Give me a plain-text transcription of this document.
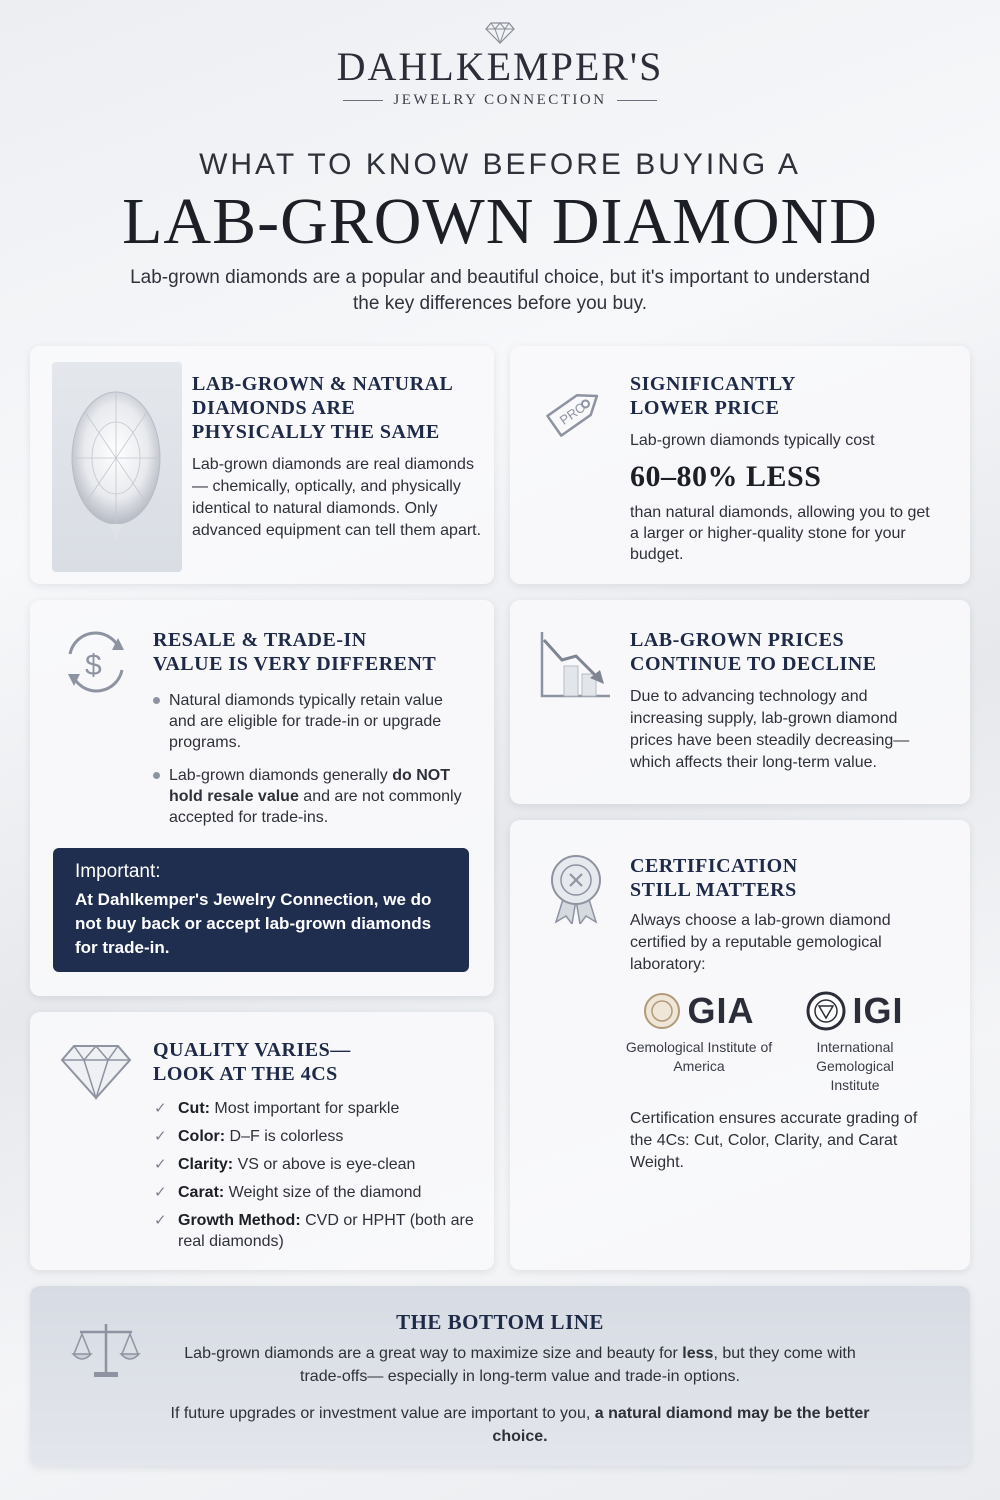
DAHLKEMPER'S
JEWELRY CONNECTION
WHAT TO KNOW BEFORE BUYING A
LAB-GROWN DIAMOND
Lab-grown diamonds are a popular and beautiful choice, but it's important to understand the key differences before you buy.
LAB-GROWN & NATURAL DIAMONDS ARE PHYSICALLY THE SAME
Lab-grown diamonds are real diamonds— chemically, optically, and physically identical to natural diamonds. Only advanced equipment can tell them apart.
PRC
SIGNIFICANTLY
LOWER PRICE
Lab-grown diamonds typically cost
60–80% LESS
than natural diamonds, allowing you to get a larger or higher-quality stone for your budget.
$
RESALE & TRADE-IN
VALUE IS VERY DIFFERENT
Natural diamonds typically retain value and are eligible for trade-in or upgrade programs.
Lab-grown diamonds generally do NOT hold resale value and are not commonly accepted for trade-ins.
Important:
At Dahlkemper's Jewelry Connection, we do not buy back or accept lab-grown diamonds for trade-in.
LAB-GROWN PRICES
CONTINUE TO DECLINE
Due to advancing technology and increasing supply, lab-grown diamond prices have been steadily decreasing— which affects their long-term value.
CERTIFICATION
STILL MATTERS
Always choose a lab-grown diamond certified by a reputable gemological laboratory:
GIA
Gemological Institute of America
IGI
International Gemological Institute
Certification ensures accurate grading of the 4Cs: Cut, Color, Clarity, and Carat Weight.
QUALITY VARIES—
LOOK AT THE 4CS
✓ Cut: Most important for sparkle
✓ Color: D–F is colorless
✓ Clarity: VS or above is eye-clean
✓ Carat: Weight size of the diamond
✓ Growth Method: CVD or HPHT (both are real diamonds)
THE BOTTOM LINE
Lab-grown diamonds are a great way to maximize size and beauty for less, but they come with trade-offs— especially in long-term value and trade-in options.
If future upgrades or investment value are important to you, a natural diamond may be the better choice.
